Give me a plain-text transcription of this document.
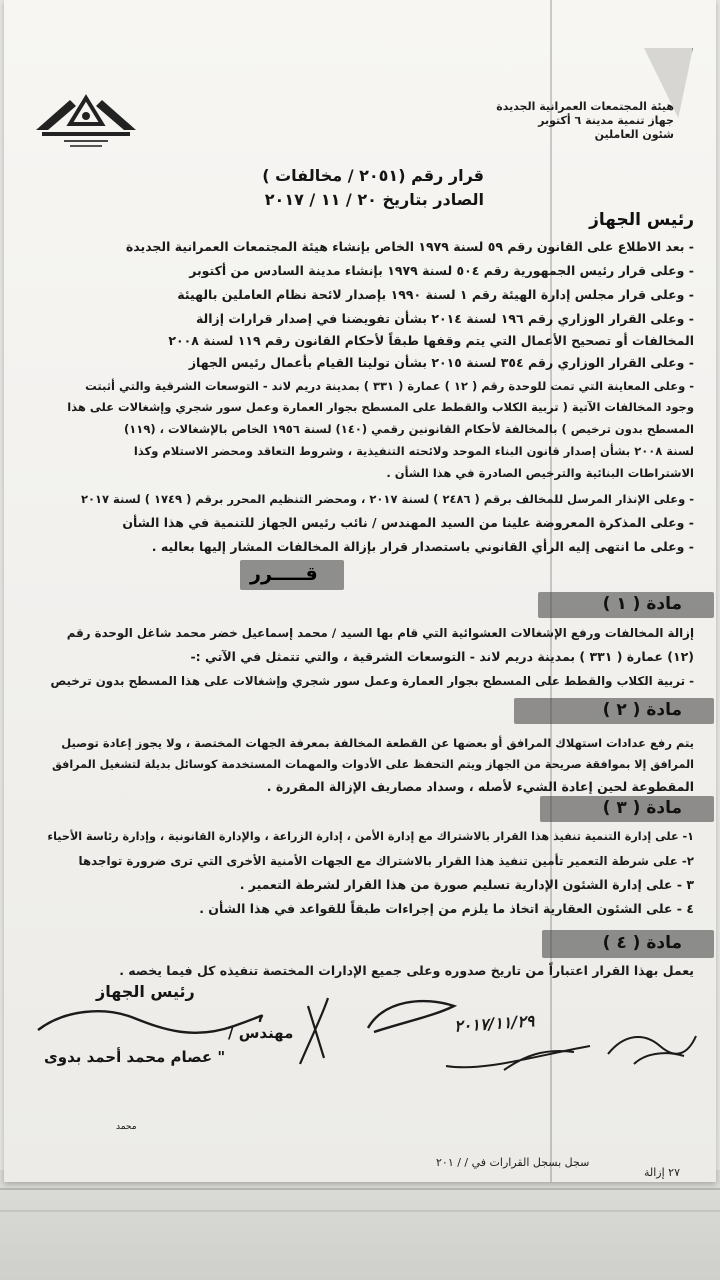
هيئة المجتمعات العمرانية الجديدة
جهاز تنمية مدينة ٦ أكتوبر
شئون العاملين
قرار رقم (٢٠٥١ / مخالفات )
الصادر بتاريخ ٢٠ / ١١ / ٢٠١٧
رئيس الجهاز
- بعد الاطلاع على القانون رقم ٥٩ لسنة ١٩٧٩ الخاص بإنشاء هيئة المجتمعات العمرانية الجديدة
- وعلى قرار رئيس الجمهورية رقم ٥٠٤ لسنة ١٩٧٩ بإنشاء مدينة السادس من أكتوبر
- وعلى قرار مجلس إدارة الهيئة رقم ١ لسنة ١٩٩٠ بإصدار لائحة نظام العاملين بالهيئة
- وعلى القرار الوزاري رقم ١٩٦ لسنة ٢٠١٤ بشأن تفويضنا في إصدار قرارات إزالة
المخالفات أو تصحيح الأعمال التي يتم وقفها طبقاً لأحكام القانون رقم ١١٩ لسنة ٢٠٠٨
- وعلى القرار الوزاري رقم ٣٥٤ لسنة ٢٠١٥ بشأن تولينا القيام بأعمال رئيس الجهاز
- وعلى المعاينة التي تمت للوحدة رقم ( ١٢ ) عمارة ( ٣٣١ ) بمدينة دريم لاند - التوسعات الشرقية والتي أثبتت
وجود المخالفات الآتية ( تربية الكلاب والقطط على المسطح بجوار العمارة وعمل سور شجري وإشغالات على هذا
المسطح بدون ترخيص ) بالمخالفة لأحكام القانونين رقمي (١٤٠) لسنة ١٩٥٦ الخاص بالإشغالات ، (١١٩)
لسنة ٢٠٠٨ بشأن إصدار قانون البناء الموحد ولائحته التنفيذية ، وشروط التعاقد ومحضر الاستلام وكذا
الاشتراطات البنائية والترخيص الصادرة في هذا الشأن .
- وعلى الإنذار المرسل للمخالف برقم ( ٢٤٨٦ ) لسنة ٢٠١٧ ، ومحضر التنظيم المحرر برقم ( ١٧٤٩ ) لسنة ٢٠١٧
- وعلى المذكرة المعروضة علينا من السيد المهندس / نائب رئيس الجهاز للتنمية في هذا الشأن
- وعلى ما انتهى إليه الرأي القانوني باستصدار قرار بإزالة المخالفات المشار إليها بعاليه .
قـــــرر
مادة ( ١ )
إزالة المخالفات ورفع الإشغالات العشوائية التي قام بها السيد / محمد إسماعيل خضر محمد شاغل الوحدة رقم
(١٢) عمارة ( ٣٣١ ) بمدينة دريم لاند - التوسعات الشرقية ، والتي تتمثل في الآتي :-
- تربية الكلاب والقطط على المسطح بجوار العمارة وعمل سور شجري وإشغالات على هذا المسطح بدون ترخيص
مادة ( ٢ )
يتم رفع عدادات استهلاك المرافق أو بعضها عن القطعة المخالفة بمعرفة الجهات المختصة ، ولا يجوز إعادة توصيل
المرافق إلا بموافقة صريحة من الجهاز ويتم التحفظ على الأدوات والمهمات المستخدمة كوسائل بديلة لتشغيل المرافق
المقطوعة لحين إعادة الشيء لأصله ، وسداد مصاريف الإزالة المقررة .
مادة ( ٣ )
١- على إدارة التنمية تنفيذ هذا القرار بالاشتراك مع إدارة الأمن ، إدارة الزراعة ، والإدارة القانونية ، وإدارة رئاسة الأحياء
٢- على شرطة التعمير تأمين تنفيذ هذا القرار بالاشتراك مع الجهات الأمنية الأخرى التي ترى ضرورة تواجدها
٣ - على إدارة الشئون الإدارية تسليم صورة من هذا القرار لشرطة التعمير .
٤ - على الشئون العقارية اتخاذ ما يلزم من إجراءات طبقاً للقواعد في هذا الشأن .
مادة ( ٤ )
يعمل بهذا القرار اعتباراً من تاريخ صدوره وعلى جميع الإدارات المختصة تنفيذه كل فيما يخصه .
رئيس الجهاز
مهندس /
" عصام محمد أحمد بدوى
٢٠١٧/١١/٢٩
محمد
سجل بسجل القرارات في / / ٢٠١
٢٧ إزالة
